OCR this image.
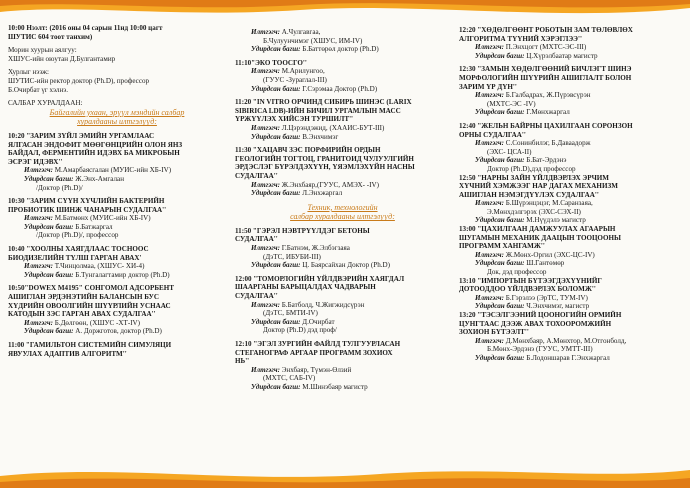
10:00 Нээлт: (2016 оны 04 сарын 11нд 10:00 цагт
ШУТИС 604 тоот танхим)
Морин хуурын аялгуу:
ХШУС-ийн оюутан Д.Булгантамир
Хурлыг нээж:
ШУТИС-ийн ректор доктор (Ph.D), профессор
Б.Очирбат үг хэлнэ.
САЛБАР ХУРАЛДААН:
Байгалийн ухаан, эрүүл мэндийн салбар
хуралдааны илтгэлүүд:
10:20 "ЗАРИМ ЗҮЙЛ ЭМИЙН УРГАМЛААС
ЯЛГАСАН ЭНДОФИТ МӨӨГӨНЦРИЙН ОЛОН ЯНЗ
БАЙДАЛ, ФЕРМЕНТИЙН ИДЭВХ БА МИКРОБЫН
ЭСРЭГ ИДЭВХ''
Илтгэгч: М.Амарбаясгалан (МУИС-ийн ХБ-IV)
Удирдсан багш: Ж.Энх-Амгалан
/Доктор (Ph.D)/
10:30 "ЗАРИМ СҮҮН ХҮЧЛИЙН БАКТЕРИЙН
ПРОБИОТИК ШИНЖ ЧАНАРЫН СУДАЛГАА''
Илтгэгч: М.Батмөнх (МУИС-ийн ХБ-IV)
Удирдсан багш: Б.Батжаргал
/Доктор (Ph.D)/, профессор
10:40 "ХООЛНЫ ХАЯГДЛААС ТОСНООС
БИОДИЗЕЛИЙН ТҮЛШ ГАРГАН АВАХ'
Илтгэгч: Т.Чинцолмаа, (ХШУС- ХИ-4)
Удирдсан багш: Б.Тунгалагтамир доктор (Ph.D)
10:50"DOWEX M4195" СОНГОМОЛ АДСОРБЕНТ
АШИГЛАН ЭРДЭНЭТИЙН БАЛАНСЫН БУС
ХҮДРИЙН ОВООЛГИЙН ШҮҮРЛИЙН УСНААС
КАТОДЫН ЗЭС ГАРГАН АВАХ СУДАЛГАА''
Илтгэгч: Б.Дөлгөөн, (ХШУС -ХТ-IV)
Удирдсан багш: А. Доржготов, доктор (Ph.D)
11:00 "ГАМИЛЬТОН СИСТЕМИЙН СИМУЛЯЦИ
ЯВУУЛАХ АДАПТИВ АЛГОРИТМ''
Илтгэгч: А.Чулгавгаа,
Б.Чулуунчимэг (ХШУС, ИМ-IV)
Удирдсан багш: Б.Баттөрөл доктор (Ph.D)
11:10"ЭКО ТООСГО''
Илтгэгч: М.Арилунгоо,
(ГУУС -Зураглал-III)
Удирдсан багш: Г.Сэрэмаа Доктор (Ph.D)
11:20 "IN VITRO ОРЧИНД СИБИРЬ ШИНЭС (LARIX
SIBIRICA LDB)-ИЙН БИЧИЛ УРГАМЛЫН МАСС
ҮРЖҮҮЛЭХ ХИЙСЭН ТУРШИЛТ''
Илтгэгч: Л.Цэрэндэжид, (ХААИС-БУТ-III)
Удирдсан багш: В.Энхчимэг
11:30 "ХАЦАВЧ ЗЭС ПОРФИРИЙН ОРДЫН
ГЕОЛОГИЙН ТОГТОЦ, ГРАНИТОИД ЧУЛУУЛГИЙН
ЭРДЭСЛЭГ БҮРЭЛДЭХҮҮН, ҮЯЭМЛЭХҮЙН НАСНЫ
СУДАЛГАА''
Илтгэгч: Ж.Энхбаяр,(ГУУС, АМЭХ- -IV)
Удирдсан багш: Л.Энхжаргал
Техник, технологийн
салбар хуралдааны илтгэлүүд:
11:50 "ГЭРЭЛ НЭВТРҮҮЛДЭГ БЕТОНЫ
СУДАЛГАА''
Илтгэгч: Г.Батнэм, Ж.Элбэгзаяа
(ДэТС, ИБУБИ-III)
Удирдсан багш: Ц. Баярсайхан Доктор (Ph.D)
12:00 "ТОМОРЛОГИЙН ҮЙЛДВЭРИЙН ХАЯГДАЛ
ШААРГАНЫ БАРЫЦАЛДАХ ЧАДВАРЫН
СУДАЛГАА''
Илтгэгч: Б.Батболд, Ч.Жигжидсүрэн
(ДэТС, БМТИ-IV)
Удирдсан багш: Д.Очирбат
Доктор (Ph.D) дэд проф/
12:10 "ЭГЭЛ ЗУРГИЙН ФАЙЛД ТУЛГУУРЛАСАН
СТЕГАНОГРАФ АРГААР ПРОГРАММ ЗОХИОХ
НЬ''
Илтгэгч: Энхбаяр, Түмэн-Өлзий
(МХТС, САБ-IV)
Удирдсан багш: М.Шинэбаяр магистр
12:20 "ХӨДӨЛГӨӨНТ РОБОТЫН ЗАМ ТӨЛӨВЛӨХ
АЛГОРИТМА ТҮҮНИЙ ХЭРЭГЛЭЭ''
Илтгэгч: П.Энхцогт (МХТС-ЭС-III)
Удирдсан багш: Ц.Хүрэлбаатар магистр
12:30 "ЗАМЫН ХӨДӨЛГӨӨНИЙ БИЧЛЭГТ ШИНЭ
МОРФОЛОГИЙН ШҮҮРИЙН АШИГЛАЛТ БОЛОН
ЗАРИМ ҮР ДҮН''
Илтгэгч: Б.Галбадрах, Ж.Пүрэвсүрэн
(МХТС-ЭС -IV)
Удирдсан багш: Г.Мөнхжаргал
12:40 "ЖЕЛЬН БАЙРНЫ ЦАХИЛГААН СОРОНЗОН
ОРНЫ СУДАЛГАА''
Илтгэгч: С.Сонинбилэг, Б.Даваадорж
(ЭХС- ЦСА-II)
Удирдсан багш: Б.Бат-Эрдэнэ
Доктор (Ph.D),дэд профессор
12:50 "НАРНЫ ЗАЙН ҮЙЛДВЭРЛЭХ ЭРЧИМ
ХҮЧНИЙ ХЭМЖЭЭГ НАР ДАГАХ МЕХАНИЗМ
АШИГЛАН НЭМЭГДҮҮЛЭХ СУДАЛГАА''
Илтгэгч: Б.Шүрэнцэцэг, М.Саранзаяа,
Э.Мөнхдэлгэрэх (ЭХС-СЭХ-II)
Удирдсан багш: М.Нүүдэлэ магистр
13:00 "ЦАХИЛГААН ДАМЖУУЛАХ АГААРЫН
ШУГАМЫН МЕХАНИК ДААЦЫН ТООЦООНЫ
ПРОГРАММ ХАНГАМЖ''
Илтгэгч: Ж.Мөнх-Оргил (ЭХС-ЦС-IV)
Удирдсан багш: Ш.Гантөмөр
Док, дэд профессор
13:10 "ИМПОРТЫН БҮТЭЭГДЭХҮҮНИЙГ
ДОТООДДОО ҮЙЛДВЭРЛЭХ БОЛОМЖ''
Илтгэгч: Б.Гэрэлээ (ЭрТС, ТУМ-IV)
Удирдсан багш: Ч.Энхчимэг, магистр
13:20 "ТЭСЭЛГЭЭНИЙ ЦООНОГИЙН ОРМИЙН
ЦУНГТААС ДЭЭЖ АВАХ ТОХООРОМЖИЙН
ЗОХИОН БҮТЭЭЛТ''
Илтгэгч: Д.Мөнхбаяр, А.Мөнхтор, М.Отгонболд,
Б.Мөнх-Эрдэнэ (ГУУС, УМТТ-III)
Удирдсан багш: Б.Лодоншарав Г.Энхжаргал
